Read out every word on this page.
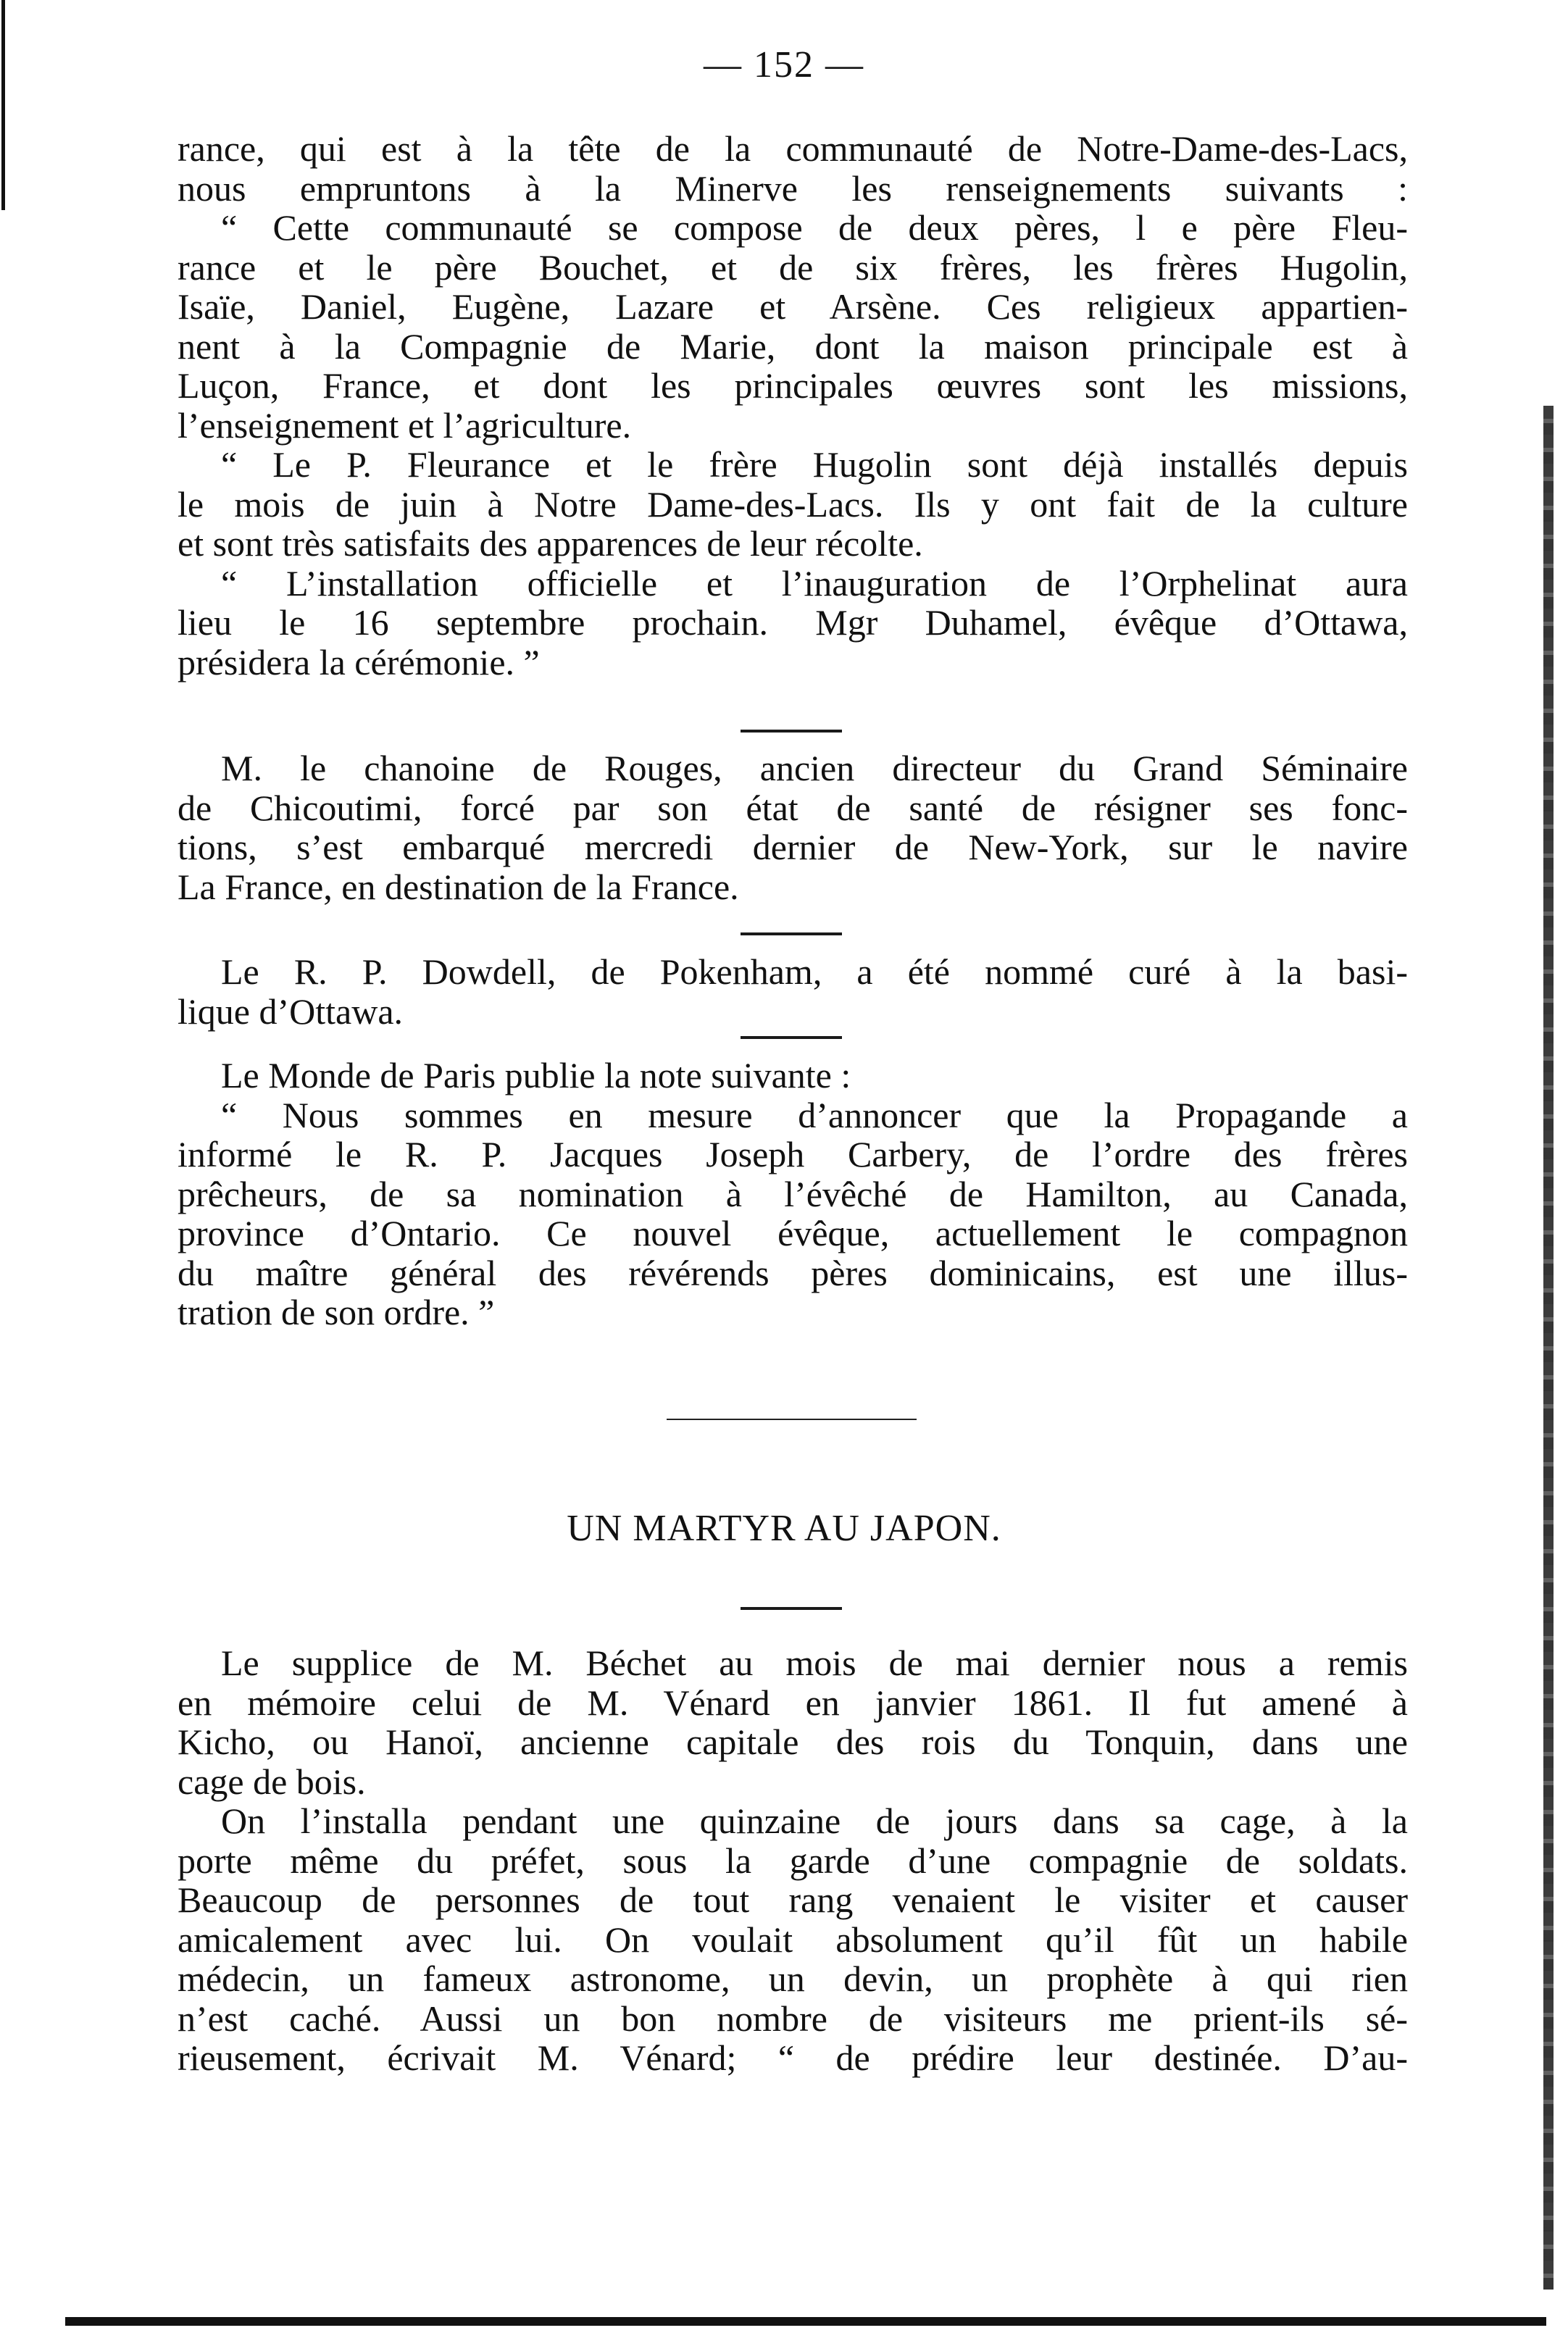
— 152 —
rance, qui est à la tête de la communauté de Notre-Dame-des-Lacs,
nous empruntons à la Minerve les renseignements suivants :
“ Cette communauté se compose de deux pères, l e père Fleu-
rance et le père Bouchet, et de six frères, les frères Hugolin,
Isaïe, Daniel, Eugène, Lazare et Arsène. Ces religieux appartien-
nent à la Compagnie de Marie, dont la maison principale est à
Luçon, France, et dont les principales œuvres sont les missions,
l’enseignement et l’agriculture.
“ Le P. Fleurance et le frère Hugolin sont déjà installés depuis
le mois de juin à Notre Dame-des-Lacs. Ils y ont fait de la culture
et sont très satisfaits des apparences de leur récolte.
“ L’installation officielle et l’inauguration de l’Orphelinat aura
lieu le 16 septembre prochain. Mgr Duhamel, évêque d’Ottawa,
présidera la cérémonie. ”
M. le chanoine de Rouges, ancien directeur du Grand Séminaire
de Chicoutimi, forcé par son état de santé de résigner ses fonc-
tions, s’est embarqué mercredi dernier de New-York, sur le navire
La France, en destination de la France.
Le R. P. Dowdell, de Pokenham, a été nommé curé à la basi-
lique d’Ottawa.
Le Monde de Paris publie la note suivante :
“ Nous sommes en mesure d’annoncer que la Propagande a
informé le R. P. Jacques Joseph Carbery, de l’ordre des frères
prêcheurs, de sa nomination à l’évêché de Hamilton, au Canada,
province d’Ontario. Ce nouvel évêque, actuellement le compagnon
du maître général des révérends pères dominicains, est une illus-
tration de son ordre. ”
UN MARTYR AU JAPON.
Le supplice de M. Béchet au mois de mai dernier nous a remis
en mémoire celui de M. Vénard en janvier 1861. Il fut amené à
Kicho, ou Hanoï, ancienne capitale des rois du Tonquin, dans une
cage de bois.
On l’installa pendant une quinzaine de jours dans sa cage, à la
porte même du préfet, sous la garde d’une compagnie de soldats.
Beaucoup de personnes de tout rang venaient le visiter et causer
amicalement avec lui. On voulait absolument qu’il fût un habile
médecin, un fameux astronome, un devin, un prophète à qui rien
n’est caché. Aussi un bon nombre de visiteurs me prient-ils sé-
rieusement, écrivait M. Vénard; “ de prédire leur destinée. D’au-
